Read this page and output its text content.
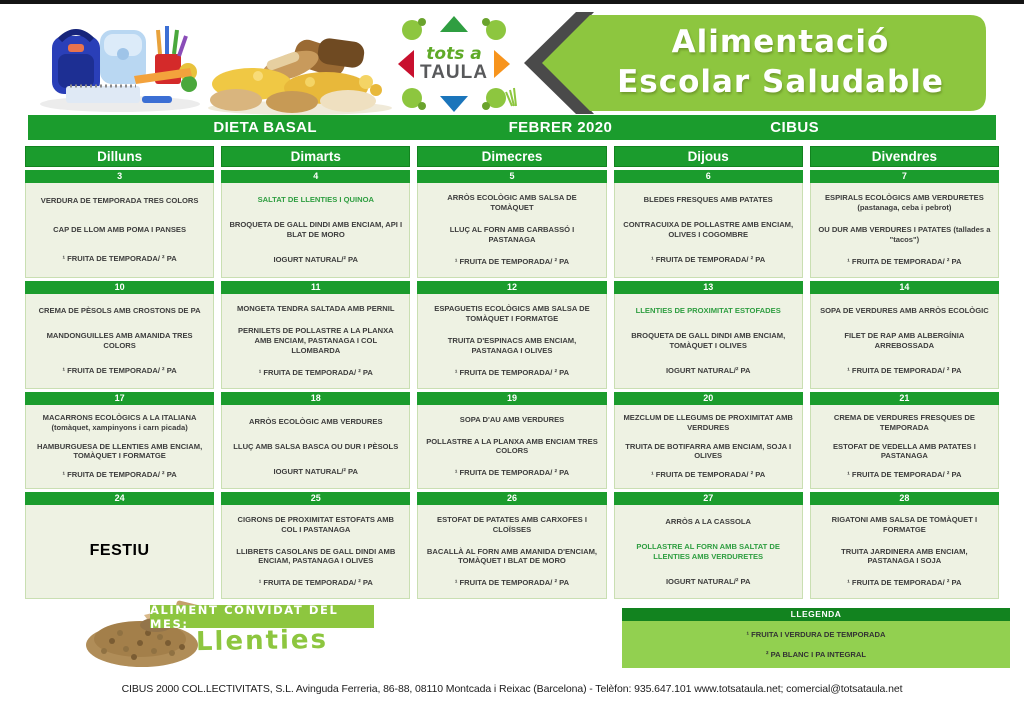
tots a
TAULA
Alimentació
Escolar Saludable
DIETA BASAL	FEBRER 2020	CIBUS
Dilluns
3
VERDURA DE TEMPORADA TRES COLORS
CAP DE LLOM AMB POMA I PANSES
¹ FRUITA DE TEMPORADA/ ² PA
10
CREMA DE PÈSOLS AMB CROSTONS DE PA
MANDONGUILLES AMB AMANIDA TRES COLORS
¹ FRUITA DE TEMPORADA/ ² PA
17
MACARRONS ECOLÒGICS A LA ITALIANA (tomàquet, xampinyons i carn picada)
HAMBURGUESA DE LLENTIES AMB ENCIAM, TOMÀQUET I FORMATGE
¹ FRUITA DE TEMPORADA/ ² PA
24
FESTIU
Dimarts
4
SALTAT DE LLENTIES I QUINOA
BROQUETA DE GALL DINDI AMB ENCIAM, API I BLAT DE MORO
IOGURT NATURAL/² PA
11
MONGETA TENDRA SALTADA AMB PERNIL
PERNILETS DE POLLASTRE A LA PLANXA AMB ENCIAM, PASTANAGA I COL LLOMBARDA
¹ FRUITA DE TEMPORADA/ ² PA
18
ARRÒS ECOLÒGIC AMB VERDURES
LLUÇ AMB SALSA BASCA OU DUR I PÈSOLS
IOGURT NATURAL/² PA
25
CIGRONS DE PROXIMITAT ESTOFATS AMB COL I PASTANAGA
LLIBRETS CASOLANS DE GALL DINDI AMB ENCIAM, PASTANAGA I OLIVES
¹ FRUITA DE TEMPORADA/ ² PA
Dimecres
5
ARRÒS ECOLÒGIC AMB SALSA DE TOMÀQUET
LLUÇ AL FORN AMB CARBASSÓ I PASTANAGA
¹ FRUITA DE TEMPORADA/ ² PA
12
ESPAGUETIS ECOLÒGICS AMB SALSA DE TOMÀQUET I FORMATGE
TRUITA D'ESPINACS AMB ENCIAM, PASTANAGA I OLIVES
¹ FRUITA DE TEMPORADA/ ² PA
19
SOPA D'AU AMB VERDURES
POLLASTRE A LA PLANXA AMB ENCIAM TRES COLORS
¹ FRUITA DE TEMPORADA/ ² PA
26
ESTOFAT DE PATATES AMB CARXOFES I CLOÏSSES
BACALLÀ AL FORN AMB AMANIDA D'ENCIAM, TOMÀQUET I BLAT DE MORO
¹ FRUITA DE TEMPORADA/ ² PA
Dijous
6
BLEDES FRESQUES AMB PATATES
CONTRACUIXA DE POLLASTRE AMB ENCIAM, OLIVES I COGOMBRE
¹ FRUITA DE TEMPORADA/ ² PA
13
LLENTIES DE PROXIMITAT ESTOFADES
BROQUETA DE GALL DINDI AMB ENCIAM, TOMÀQUET I OLIVES
IOGURT NATURAL/² PA
20
MEZCLUM DE LLEGUMS DE PROXIMITAT AMB VERDURES
TRUITA DE BOTIFARRA AMB ENCIAM, SOJA I OLIVES
¹ FRUITA DE TEMPORADA/ ² PA
27
ARRÒS A LA CASSOLA
POLLASTRE AL FORN AMB SALTAT DE LLENTIES AMB VERDURETES
IOGURT NATURAL/² PA
Divendres
7
ESPIRALS ECOLÒGICS AMB VERDURETES (pastanaga, ceba i pebrot)
OU DUR AMB VERDURES I PATATES (tallades a "tacos")
¹ FRUITA DE TEMPORADA/ ² PA
14
SOPA DE VERDURES AMB ARRÒS ECOLÒGIC
FILET DE RAP AMB ALBERGÍNIA ARREBOSSADA
¹ FRUITA DE TEMPORADA/ ² PA
21
CREMA DE VERDURES FRESQUES DE TEMPORADA
ESTOFAT DE VEDELLA AMB PATATES I PASTANAGA
¹ FRUITA DE TEMPORADA/ ² PA
28
RIGATONI AMB SALSA DE TOMÀQUET I FORMATGE
TRUITA JARDINERA AMB ENCIAM, PASTANAGA I SOJA
¹ FRUITA DE TEMPORADA/ ² PA
ALIMENT CONVIDAT DEL MES:
Llenties
LLEGENDA
¹ FRUITA I VERDURA DE TEMPORADA
² PA BLANC I PA INTEGRAL
CIBUS 2000 COL.LECTIVITATS, S.L. Avinguda Ferreria, 86-88, 08110 Montcada i Reixac (Barcelona) - Telèfon: 935.647.101 www.totsataula.net; comercial@totsataula.net
